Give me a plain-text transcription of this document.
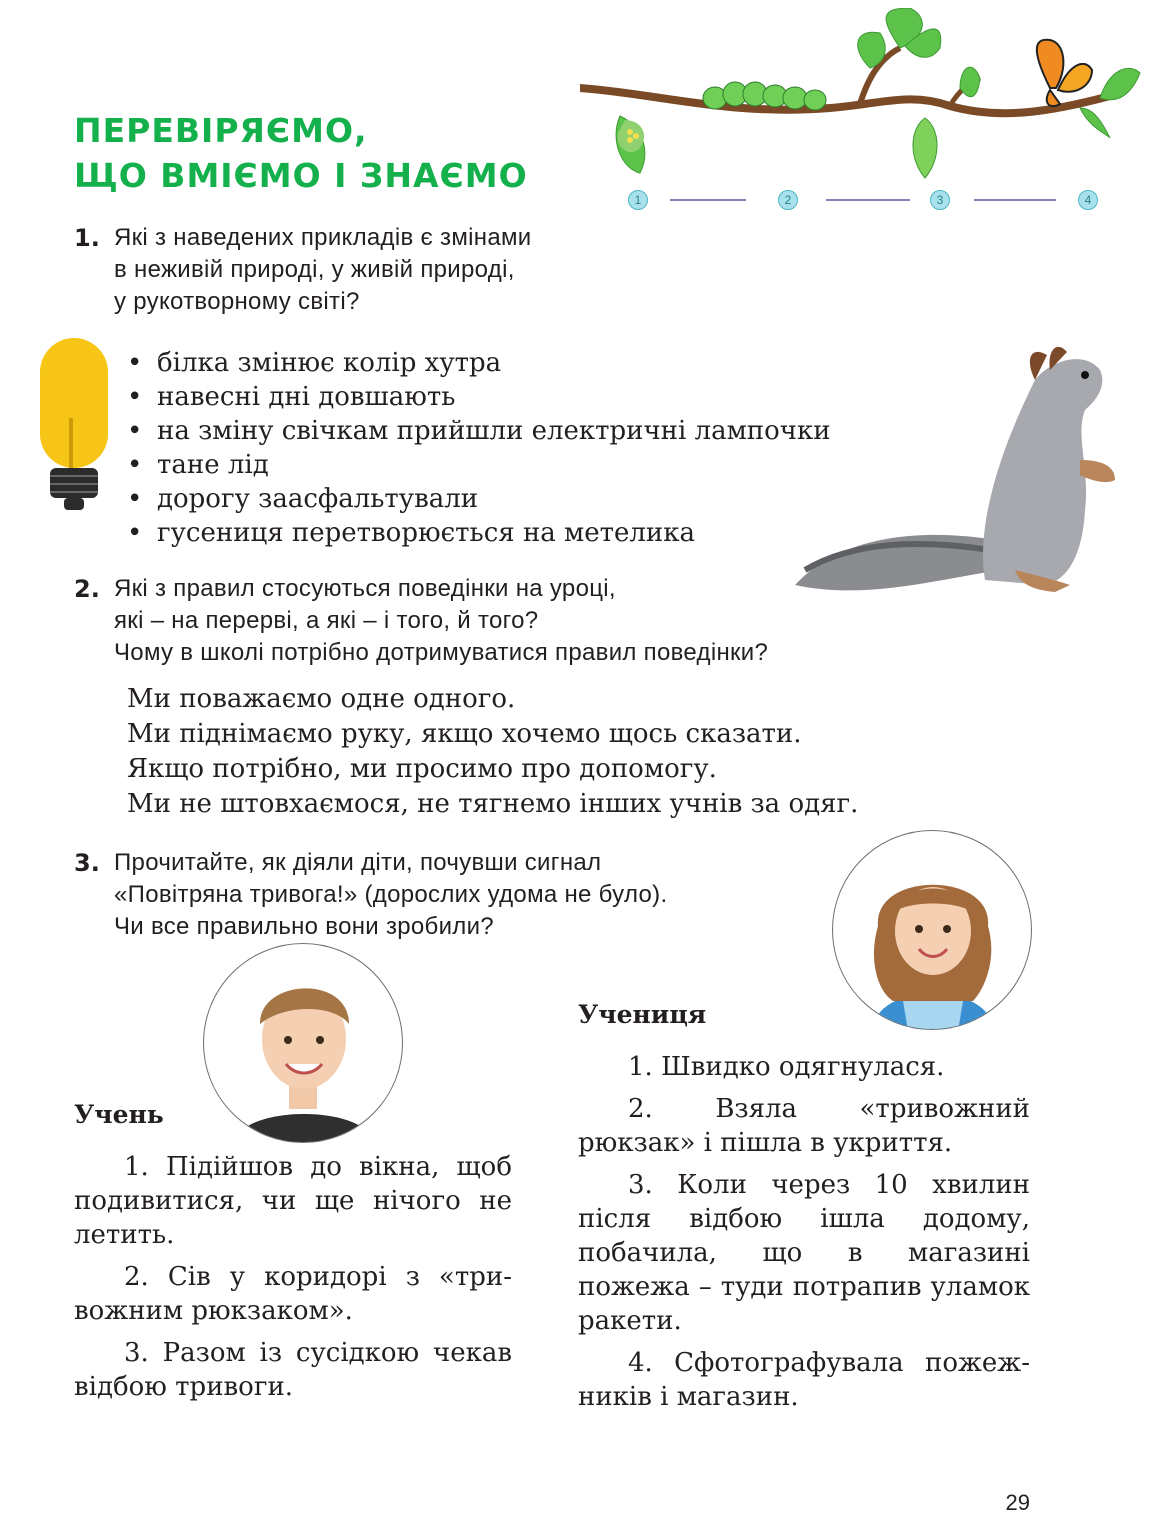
ПЕРЕВІРЯЄМО,
ЩО ВМІЄМО І ЗНАЄМО
1	2	3	4
1. Які з наведених прикладів є змінами
в неживій природі, у живій природі,
у рукотворному світі?
• білка змінює колір хутра
• навесні дні довшають
• на зміну свічкам прийшли електричні лампочки
• тане лід
• дорогу заасфальтували
• гусениця перетворюється на метелика
2. Які з правил стосуються поведінки на уроці,
які – на перерві, а які – і того, й того?
Чому в школі потрібно дотримуватися правил поведінки?
Ми поважаємо одне одного.
Ми піднімаємо руку, якщо хочемо щось сказати.
Якщо потрібно, ми просимо про допомогу.
Ми не штовхаємося, не тягнемо інших учнів за одяг.
3. Прочитайте, як діяли діти, почувши сигнал
«Повітряна тривога!» (дорослих удома не було).
Чи все правильно вони зробили?
Учень

1. Підійшов до вікна, щоб подивитися, чи ще нічого не летить.

2. Сів у коридорі з «тривожним рюкзаком».

3. Разом із сусідкою чекав відбою тривоги.

Учениця

1. Швидко одягнулася.

2. Взяла «тривожний рюкзак» і пішла в укриття.

3. Коли через 10 хвилин після відбою ішла додому, побачила, що в магазині пожежа – туди потрапив уламок ракети.

4. Сфотографувала пожежників і магазин.

29
